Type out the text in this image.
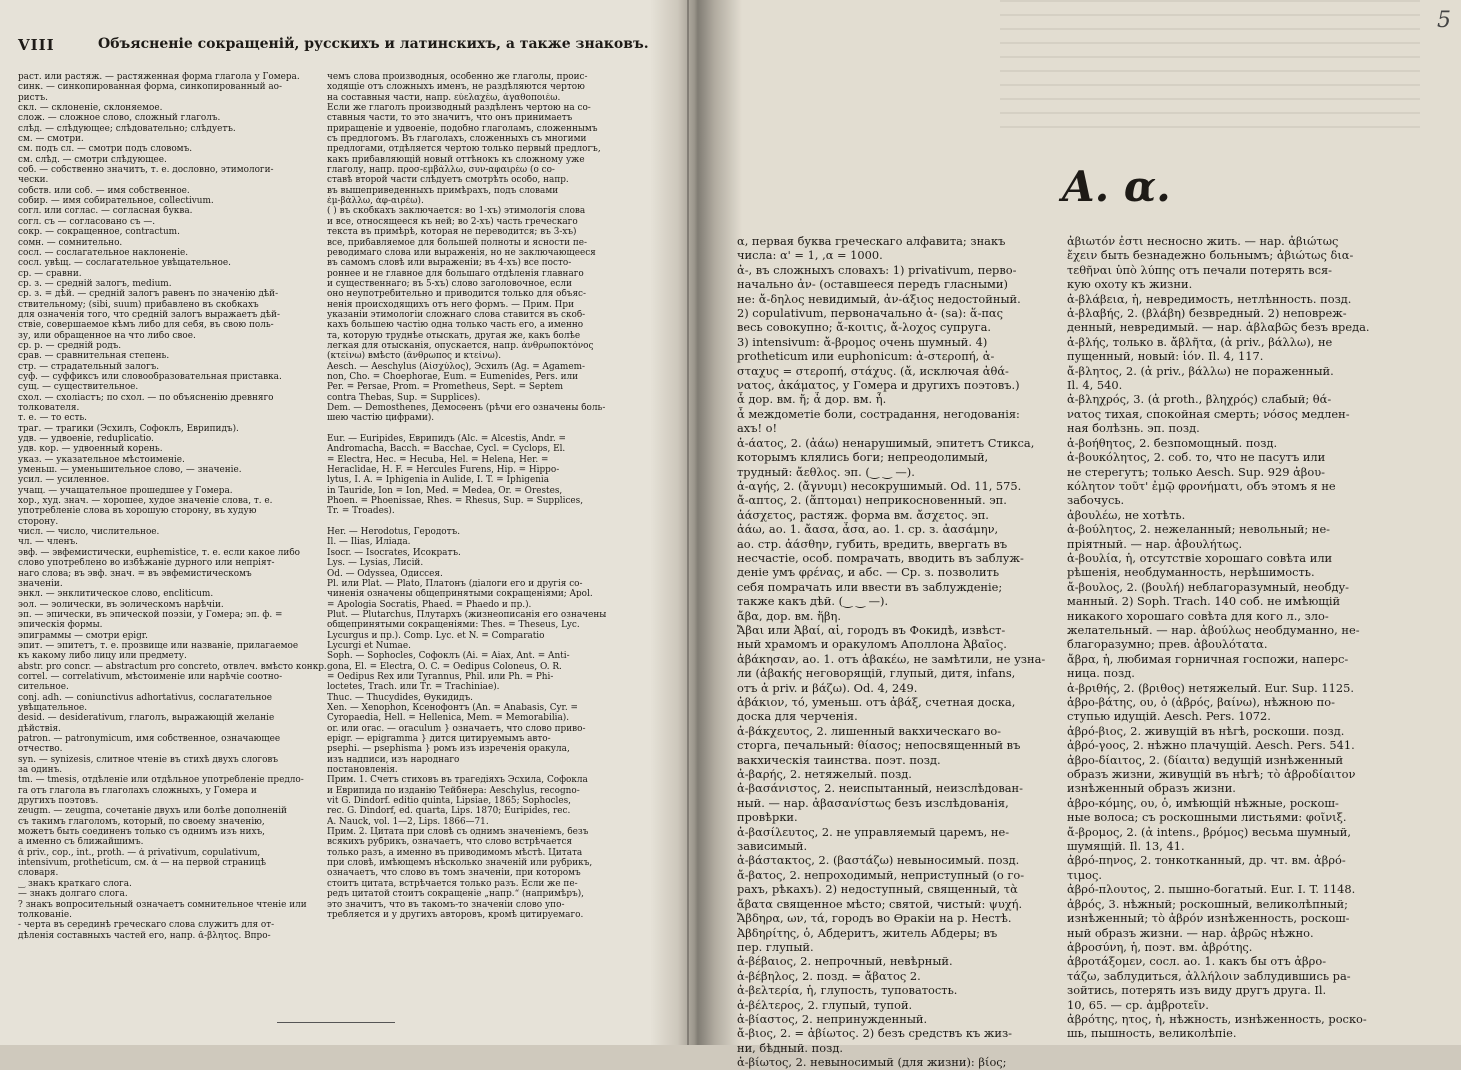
VIII	Объясненіе сокращеній, русскихъ и латинскихъ, а также знаковъ.
раст. или растяж. — растяженная форма глагола у Гомера.
синк. — синкопированная форма, синкопированный ао-
ристъ.
скл. — склоненіе, склоняемое.
слож. — сложное слово, сложный глаголъ.
слѣд. — слѣдующее; слѣдовательно; слѣдуетъ.
см. — смотри.
см. подъ сл. — смотри подъ словомъ.
см. слѣд. — смотри слѣдующее.
соб. — собственно значитъ, т. е. дословно, этимологи-
чески.
собств. или соб. — имя собственное.
собир. — имя собирательное, collectivum.
согл. или соглас. — согласная буква.
согл. съ — согласовано съ —.
сокр. — сокращенное, contractum.
сомн. — сомнительно.
сосл. — сослагательное наклоненіе.
сосл. увѣщ. — сослагательное увѣщательное.
ср. — сравни.
ср. з. — средній залогъ, medium.
ср. з. = дѣй. — средній залогъ равенъ по значенію дѣй-
ствительному; (sibi, suum) прибавлено въ скобкахъ
для означенія того, что средній залогъ выражаетъ дѣй-
ствіе, совершаемое кѣмъ либо для себя, въ свою поль-
зу, или обращенное на что либо свое.
ср. р. — средній родъ.
срав. — сравнительная степень.
стр. — страдательный залогъ.
суф. — суффиксъ или словообразовательная приставка.
сущ. — существительное.
схол. — схоліастъ; по схол. — по объясненію древняго
толкователя.
т. е. — то есть.
траг. — трагики (Эсхилъ, Софоклъ, Еврипидъ).
удв. — удвоеніе, reduplicatio.
удв. кор. — удвоенный корень.
указ. — указательное мѣстоименіе.
уменьш. — уменьшительное слово, — значеніе.
усил. — усиленное.
учащ. — учащательное прошедшее у Гомера.
хор., худ. знач. — хорошее, худое значеніе слова, т. е.
употребленіе слова въ хорошую сторону, въ худую
сторону.
числ. — число, числительное.
чл. — членъ.
эвф. — эвфемистически, euphemistice, т. е. если какое либо
слово употреблено во избѣжаніе дурного или непріят-
наго слова; въ эвф. знач. = въ эвфемистическомъ
значеніи.
энкл. — энклитическое слово, encliticum.
эол. — эолически, въ эолическомъ нарѣчіи.
эп. — эпически, въ эпической поэзіи, у Гомера; эп. ф. =
эпическія формы.
эпиграммы — смотри epigr.
эпит. — эпитетъ, т. е. прозвище или названіе, прилагаемое
къ какому либо лицу или предмету.
abstr. pro concr. — abstractum pro concreto, отвлеч. вмѣсто конкр.
correl. — correlativum, мѣстоименіе или нарѣчіе соотно-
сительное.
conj. adh. — coniunctivus adhortativus, сослагательное
увѣщательное.
desid. — desiderativum, глаголъ, выражающій желаніе
дѣйствія.
patron. — patronymicum, имя собственное, означающее
отчество.
syn. — synizesis, слитное чтеніе въ стихѣ двухъ слоговъ
за одинъ.
tm. — tmesis, отдѣленіе или отдѣльное употребленіе предло-
га отъ глагола въ глаголахъ сложныхъ, у Гомера и
другихъ поэтовъ.
zeugm. — zeugma, сочетаніе двухъ или болѣе дополненій
съ такимъ глаголомъ, который, по своему значенію,
можетъ быть соединенъ только съ однимъ изъ нихъ,
а именно съ ближайшимъ.
ἀ priv., cop., int., proth. — ἀ privativum, copulativum,
intensivum, protheticum, см. ἀ — на первой страницѣ
словаря.
‿ знакъ краткаго слога.
— знакъ долгаго слога.
? знакъ вопросительный означаетъ сомнительное чтеніе или
толкованіе.
- черта въ серединѣ греческаго слова служитъ для от-
дѣленія составныхъ частей его, напр. ἄ-βλητος. Впро-
чемъ слова производныя, особенно же глаголы, проис-
ходящіе отъ сложныхъ именъ, не раздѣляются чертою
на составныя части, напр. εὐελαχέω, ἀγαθοποιέω.
Если же глаголъ производный раздѣленъ чертою на со-
ставныя части, то это значитъ, что онъ принимаетъ
приращеніе и удвоеніе, подобно глаголамъ, сложеннымъ
съ предлогомъ. Въ глаголахъ, сложенныхъ съ многими
предлогами, отдѣляется чертою только первый предлогъ,
какъ прибавляющій новый оттѣнокъ къ сложному уже
глаголу, напр. προσ-εμβάλλω, συν-αφαιρέω (о со-
ставѣ второй части слѣдуетъ смотрѣть особо, напр.
въ вышеприведенныхъ примѣрахъ, подъ словами
ἐμ-βάλλω, ἀφ-αιρέω).
( ) въ скобкахъ заключается: во 1-хъ) этимологія слова
и все, относящееся къ ней; во 2-хъ) часть греческаго
текста въ примѣрѣ, которая не переводится; въ 3-хъ)
все, прибавляемое для большей полноты и ясности пе-
реводимаго слова или выраженія, но не заключающееся
въ самомъ словѣ или выраженіи; въ 4-хъ) все постo-
роннее и не главное для большаго отдѣленія главнаго
и существеннаго; въ 5-хъ) слово заголовочное, если
оно неупотребительно и приводится только для объяс-
ненія происходящихъ отъ него формъ. — Прим. При
указаніи этимологіи сложнаго слова ставится въ скоб-
кахъ большею частію одна только часть его, а именно
та, которую труднѣе отыскать, другая же, какъ болѣе
легкая для отысканія, опускается, напр. ἀνθρωποκτόνος
(κτείνω) вмѣсто (ἄνθρωπος и κτείνω).
Aesch. — Aeschylus (Αἰσχύλος), Эсхилъ (Ag. = Agamem-
non, Cho. = Choephorae, Eum. = Eumenides, Pers. или
Per. = Persae, Prom. = Prometheus, Sept. = Septem
contra Thebas, Sup. = Supplices).
Dem. — Demosthenes, Демосѳенъ (рѣчи его означены боль-
шею частію цифрами).

Eur. — Euripides, Еврипидъ (Alc. = Alcestis, Andr. =
Andromacha, Bacch. = Bacchae, Cycl. = Cyclops, El.
= Electra, Hec. = Hecuba, Hel. = Helena, Her. =
Heraclidae, H. F. = Hercules Furens, Hip. = Hippo-
lytus, I. A. = Iphigenia in Aulide, I. T. = Iphigenia
in Tauride, Ion = Ion, Med. = Medea, Or. = Orestes,
Phoen. = Phoenissae, Rhes. = Rhesus, Sup. = Supplices,
Tr. = Troades).

Her. — Herodotus, Геродотъ.
Il. — Ilias, Иліада.
Isocr. — Isocrates, Исократъ.
Lys. — Lysias, Лисій.
Od. — Odyssea, Одиссея.
Pl. или Plat. — Plato, Платонъ (діалоги его и другія со-
чиненія означены общепринятыми сокращеніями; Apol.
= Apologia Socratis, Phaed. = Phaedo и пр.).
Plut. — Plutarchus, Плутархъ (жизнеописанія его означены
общепринятыми сокращеніями: Thes. = Theseus, Lyc.
Lycurgus и пр.). Comp. Lyc. et N. = Comparatio
Lycurgi et Numae.
Soph. — Sophocles, Софоклъ (Ai. = Aiax, Ant. = Anti-
gona, El. = Electra, O. C. = Oedipus Coloneus, O. R.
= Oedipus Rex или Tyrannus, Phil. или Ph. = Phi-
loctetes, Trach. или Tr. = Trachiniae).
Thuc. — Thucydides, Ѳукидидъ.
Xen. — Xenophon, Ксенофонтъ (An. = Anabasis, Cyr. =
Cyropaedia, Hell. = Hellenica, Mem. = Memorabilia).
or. или orac. — oraculum } означаетъ, что слово приво-
epigr. — epigramma } дится цитируемымъ авто-
psephi. — psephisma } ромъ изъ изреченія оракула,
изъ надписи, изъ народнаго
постановленія.
Прим. 1. Счетъ стиховъ въ трагедіяхъ Эсхила, Софокла
и Еврипида по изданію Тейбнера: Aeschylus, recogno-
vit G. Dindorf. editio quinta, Lipsiae, 1865; Sophocles,
rec. G. Dindorf, ed. quarta, Lips. 1870; Euripides, rec.
A. Nauck, vol. 1—2, Lips. 1866—71.
Прим. 2. Цитата при словѣ съ однимъ значеніемъ, безъ
всякихъ рубрикъ, означаетъ, что слово встрѣчается
только разъ, а именно въ приводимомъ мѣстѣ. Цитата
при словѣ, имѣющемъ нѣсколько значеній или рубрикъ,
означаетъ, что слово въ томъ значеніи, при которомъ
стоитъ цитата, встрѣчается только разъ. Если же пе-
редъ цитатой стоитъ сокращеніе „напр.“ (напримѣръ),
это значитъ, что въ такомъ-то значеніи слово упо-
требляется и у другихъ авторовъ, кромѣ цитируемаго.
5
A. α.
α, первая буква греческаго алфавита; знакъ
числа: α' = 1, ,α = 1000.
ἀ-, въ сложныхъ словахъ: 1) privativum, перво-
начально ἀν- (оставшееся передъ гласными)
не: ἄ-δηλος невидимый, ἀν-άξιος недостойный.
2) copulativum, первоначально ἀ- (sa): ἅ-πας
весь совокупно; ἄ-κοιτις, ἄ-λοχος супруга.
3) intensivum: ἄ-βρομος очень шумный. 4)
protheticum или euphonicum: ἀ-στεροπή, ἀ-
σταχυς = στεροπή, στάχυς. (ἄ, исключая ἀθά-
νατος, ἀκάματος, у Гомера и другихъ поэтовъ.)
ἆ дор. вм. ἤ; ἆ дор. вм. ἦ.
ἆ междометіе боли, сострадання, негодованія:
ахъ! о!
ἀ-άατος, 2. (ἀάω) ненарушимый, эпитетъ Стикса,
которымъ клялись боги; непреодолимый,
трудный: ἄεθλος. эп. (‿ ‿ —).
ἀ-αγής, 2. (ἄγνυμι) несокрушимый. Od. 11, 575.
ἄ-απτος, 2. (ἅπτομαι) неприкосновенный. эп.
ἀάσχετος, растяж. форма вм. ἄσχετος. эп.
ἀάω, ао. 1. ἄασα, ἆσα, ао. 1. ср. з. ἀασάμην,
ао. стр. ἀάσθην, губить, вредить, ввергать въ
несчастіе, особ. помрачать, вводить въ заблуж-
деніе умъ φρένας, и абс. — Ср. з. позволить
себя помрачать или ввести въ заблужденіе;
также какъ дѣй. (‿ ‿ —).
ἄβα, дор. вм. ἥβη.
Ἄβαι или Ἀβαί, αἱ, городъ въ Фокидѣ, извѣст-
ный храмомъ и оракуломъ Аполлона Ἀβαῖος.
ἀβάκησαν, ао. 1. отъ ἀβακέω, не замѣтили, не узна-
ли (ἀβακής неговорящій, глупый, дитя, infans,
отъ ἀ priv. и βάζω). Od. 4, 249.
ἀβάκιον, τό, уменьш. отъ ἀβάξ, счетная доска,
доска для черченія.
ἀ-βάκχευτος, 2. лишенный вакхическаго во-
сторга, печальный: θίασος; непосвященный въ
вакхическія таинства. поэт. позд.
ἀ-βαρής, 2. нетяжелый. позд.
ἀ-βασάνιστος, 2. неиспытанный, неизслѣдован-
ный. — нар. ἀβασανίστως безъ изслѣдованія,
провѣрки.
ἀ-βασίλευτος, 2. не управляемый царемъ, не-
зависимый.
ἀ-βάστακτος, 2. (βαστάζω) невыносимый. позд.
ἄ-βατος, 2. непроходимый, неприступный (о го-
рахъ, рѣкахъ). 2) недоступный, священный, τὰ
ἄβατα священное мѣсто; святой, чистый: ψυχή.
Ἄβδηρα, ων, τά, городъ во Ѳракіи на р. Нестѣ.
Ἀβδηρίτης, ὁ, Абдеритъ, житель Абдеры; въ
пер. глупый.
ἀ-βέβαιος, 2. непрочный, невѣрный.
ἀ-βέβηλος, 2. позд. = ἄβατος 2.
ἀ-βελτερία, ἡ, глупость, туповатость.
ἀ-βέλτερος, 2. глупый, тупой.
ἀ-βίαστος, 2. непринужденный.
ἄ-βιος, 2. = ἀβίωτος. 2) безъ средствъ къ жиз-
ни, бѣдный. позд.
ἀ-βίωτος, 2. невыносимый (для жизни): βίος;
ἀβιωτόν ἐστι несносно жить. — нар. ἀβιώτως
ἔχειν быть безнадежно больнымъ; ἀβιώτως δια-
τεθῆναι ὑπὸ λύπης отъ печали потерять вся-
кую охоту къ жизни.
ἀ-βλάβεια, ἡ, невредимость, нетлѣнность. позд.
ἀ-βλαβής, 2. (βλάβη) безвредный. 2) неповреж-
денный, невредимый. — нар. ἀβλαβῶς безъ вреда.
ἀ-βλής, только в. ἄβλῆτα, (ἀ priv., βάλλω), не
пущенный, новый: ἰόν. Il. 4, 117.
ἄ-βλητος, 2. (ἀ priv., βάλλω) не пораженный.
Il. 4, 540.
ἀ-βληχρός, 3. (ἀ proth., βληχρός) слабый; θά-
νατος тихая, спокойная смерть; νόσος медлен-
ная болѣзнь. эп. позд.
ἀ-βοήθητος, 2. безпомощный. позд.
ἀ-βουκόλητος, 2. соб. то, что не пасутъ или
не стерегутъ; только Aesch. Sup. 929 ἀβου-
κόλητον τοῦτ' ἐμῷ φρονήματι, объ этомъ я не
забочусь.
ἀβουλέω, не хотѣть.
ἀ-βούλητος, 2. нежеланный; невольный; не-
пріятный. — нар. ἀβουλήτως.
ἀ-βουλία, ἡ, отсутствіе хорошаго совѣта или
рѣшенія, необдуманность, нерѣшимость.
ἄ-βουλος, 2. (βουλή) неблагоразумный, необду-
манный. 2) Soph. Trach. 140 соб. не имѣющій
никакого хорошаго совѣта для кого л., зло-
желательный. — нар. ἀβούλως необдуманно, не-
благоразумно; прев. ἀβουλότατα.
ἄβρα, ἡ, любимая горничная госпожи, наперс-
ница. позд.
ἀ-βριθής, 2. (βριθος) нетяжелый. Eur. Sup. 1125.
ἀβρο-βάτης, ου, ὁ (ἀβρός, βαίνω), нѣжною по-
ступью идущій. Aesch. Pers. 1072.
ἀβρό-βιος, 2. живущій въ нѣгѣ, роскоши. позд.
ἀβρό-γοος, 2. нѣжно плачущій. Aesch. Pers. 541.
ἀβρο-δίαιτος, 2. (δίαιτα) ведущій изнѣженный
образъ жизни, живущій въ нѣгѣ; τὸ ἀβροδίαιτον
изнѣженный образъ жизни.
ἀβρο-κόμης, ου, ὁ, имѣющій нѣжные, роскош-
ные волоса; съ роскошными листьями: φοῖνιξ.
ἄ-βρομος, 2. (ἀ intens., βρόμος) весьма шумный,
шумящій. Il. 13, 41.
ἀβρό-πηνος, 2. тонкотканный, др. чт. вм. ἀβρό-
τιμος.
ἀβρό-πλουτος, 2. пышно-богатый. Eur. I. T. 1148.
ἀβρός, 3. нѣжный; роскошный, великолѣпный;
изнѣженный; τὸ ἀβρόν изнѣженность, роскош-
ный образъ жизни. — нар. ἀβρῶς нѣжно.
ἀβροσύνη, ἡ, поэт. вм. ἀβρότης.
ἀβροτάξομεν, сосл. ао. 1. какъ бы отъ ἀβρο-
τάζω, заблудиться, ἀλλήλοιν заблудившись ра-
зойтись, потерять изъ виду другъ друга. Il.
10, 65. — ср. ἀμβροτεῖν.
ἀβρότης, ητος, ἡ, нѣжность, изнѣженность, роско-
шь, пышность, великолѣпіе.
